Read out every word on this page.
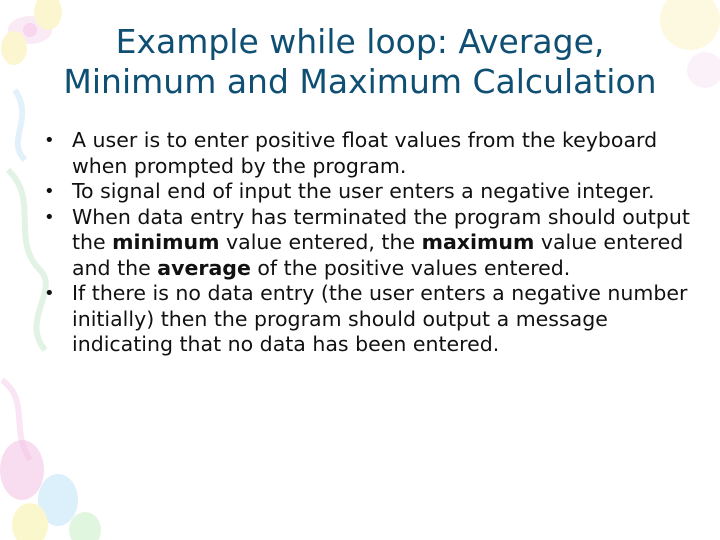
Example while loop: Average,
Minimum and Maximum Calculation
• A user is to enter positive float values from the keyboard when prompted by the program.
• To signal end of input the user enters a negative integer.
• When data entry has terminated the program should output the minimum value entered, the maximum value entered and the average of the positive values entered.
• If there is no data entry (the user enters a negative number initially) then the program should output a message indicating that no data has been entered.
